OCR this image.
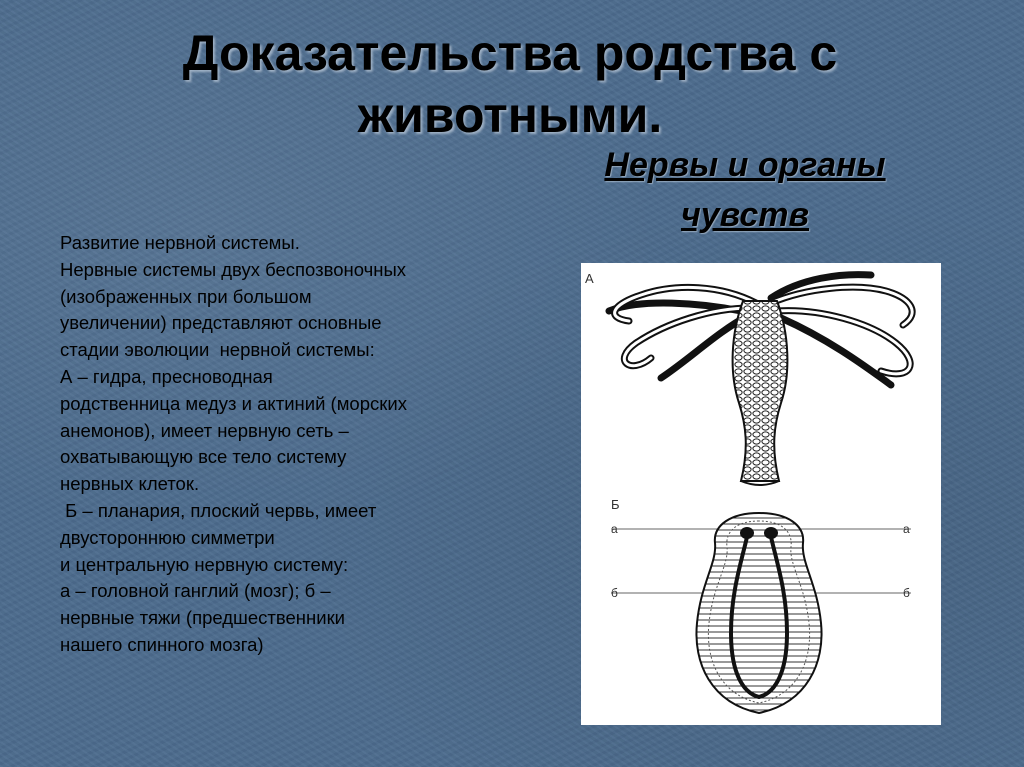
Доказательства родства с
животными.
Нервы и органы
чувств
Развитие нервной системы.
Нервные системы двух беспозвоночных
(изображенных при большом
увеличении) представляют основные
стадии эволюции  нервной системы:
А – гидра, пресноводная
родственница медуз и актиний (морских
анемонов), имеет нервную сеть –
охватывающую все тело систему
нервных клеток.
Б – планария, плоский червь, имеет
двустороннюю симметри
и центральную нервную систему:
а – головной ганглий (мозг); б –
нервные тяжи (предшественники
нашего спинного мозга)
А
Б
а
б
а
б
